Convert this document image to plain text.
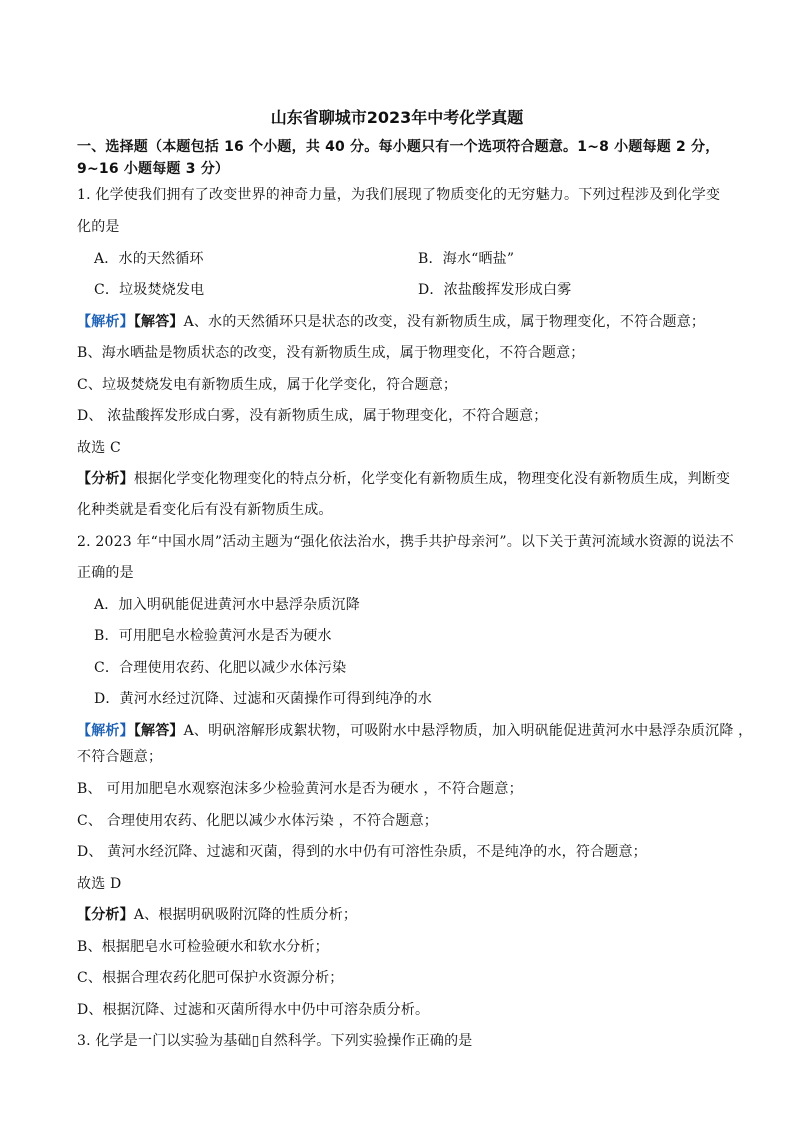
山东省聊城市2023年中考化学真题
一、选择题（本题包括 16 个小题，共 40 分。每小题只有一个选项符合题意。1~8 小题每题 2 分，
9~16 小题每题 3 分）
1. 化学使我们拥有了改变世界的神奇力量，为我们展现了物质变化的无穷魅力。下列过程涉及到化学变
化的是
A．水的天然循环	B．海水“晒盐”
C．垃圾焚烧发电	D．浓盐酸挥发形成白雾
【解析】【解答】A、水的天然循环只是状态的改变，没有新物质生成，属于物理变化，不符合题意；
B、海水晒盐是物质状态的改变，没有新物质生成，属于物理变化，不符合题意；
C、垃圾焚烧发电有新物质生成，属于化学变化，符合题意；
D、 浓盐酸挥发形成白雾，没有新物质生成，属于物理变化，不符合题意；
故选 C
【分析】根据化学变化物理变化的特点分析，化学变化有新物质生成，物理变化没有新物质生成，判断变
化种类就是看变化后有没有新物质生成。
2. 2023 年“中国水周”活动主题为“强化依法治水，携手共护母亲河”。以下关于黄河流域水资源的说法不
正确的是
A．加入明矾能促进黄河水中悬浮杂质沉降
B．可用肥皂水检验黄河水是否为硬水
C．合理使用农药、化肥以减少水体污染
D．黄河水经过沉降、过滤和灭菌操作可得到纯净的水
【解析】【解答】A、明矾溶解形成絮状物，可吸附水中悬浮物质，加入明矾能促进黄河水中悬浮杂质沉降 ，
不符合题意；
B、 可用加肥皂水观察泡沫多少检验黄河水是否为硬水 ，不符合题意；
C、 合理使用农药、化肥以减少水体污染 ，不符合题意；
D、 黄河水经沉降、过滤和灭菌，得到的水中仍有可溶性杂质，不是纯净的水，符合题意；
故选 D
【分析】A、根据明矾吸附沉降的性质分析；
B、根据肥皂水可检验硬水和软水分析；
C、根据合理农药化肥可保护水资源分析；
D、根据沉降、过滤和灭菌所得水中仍中可溶杂质分析。
3. 化学是一门以实验为基础▯自然科学。下列实验操作正确的是
